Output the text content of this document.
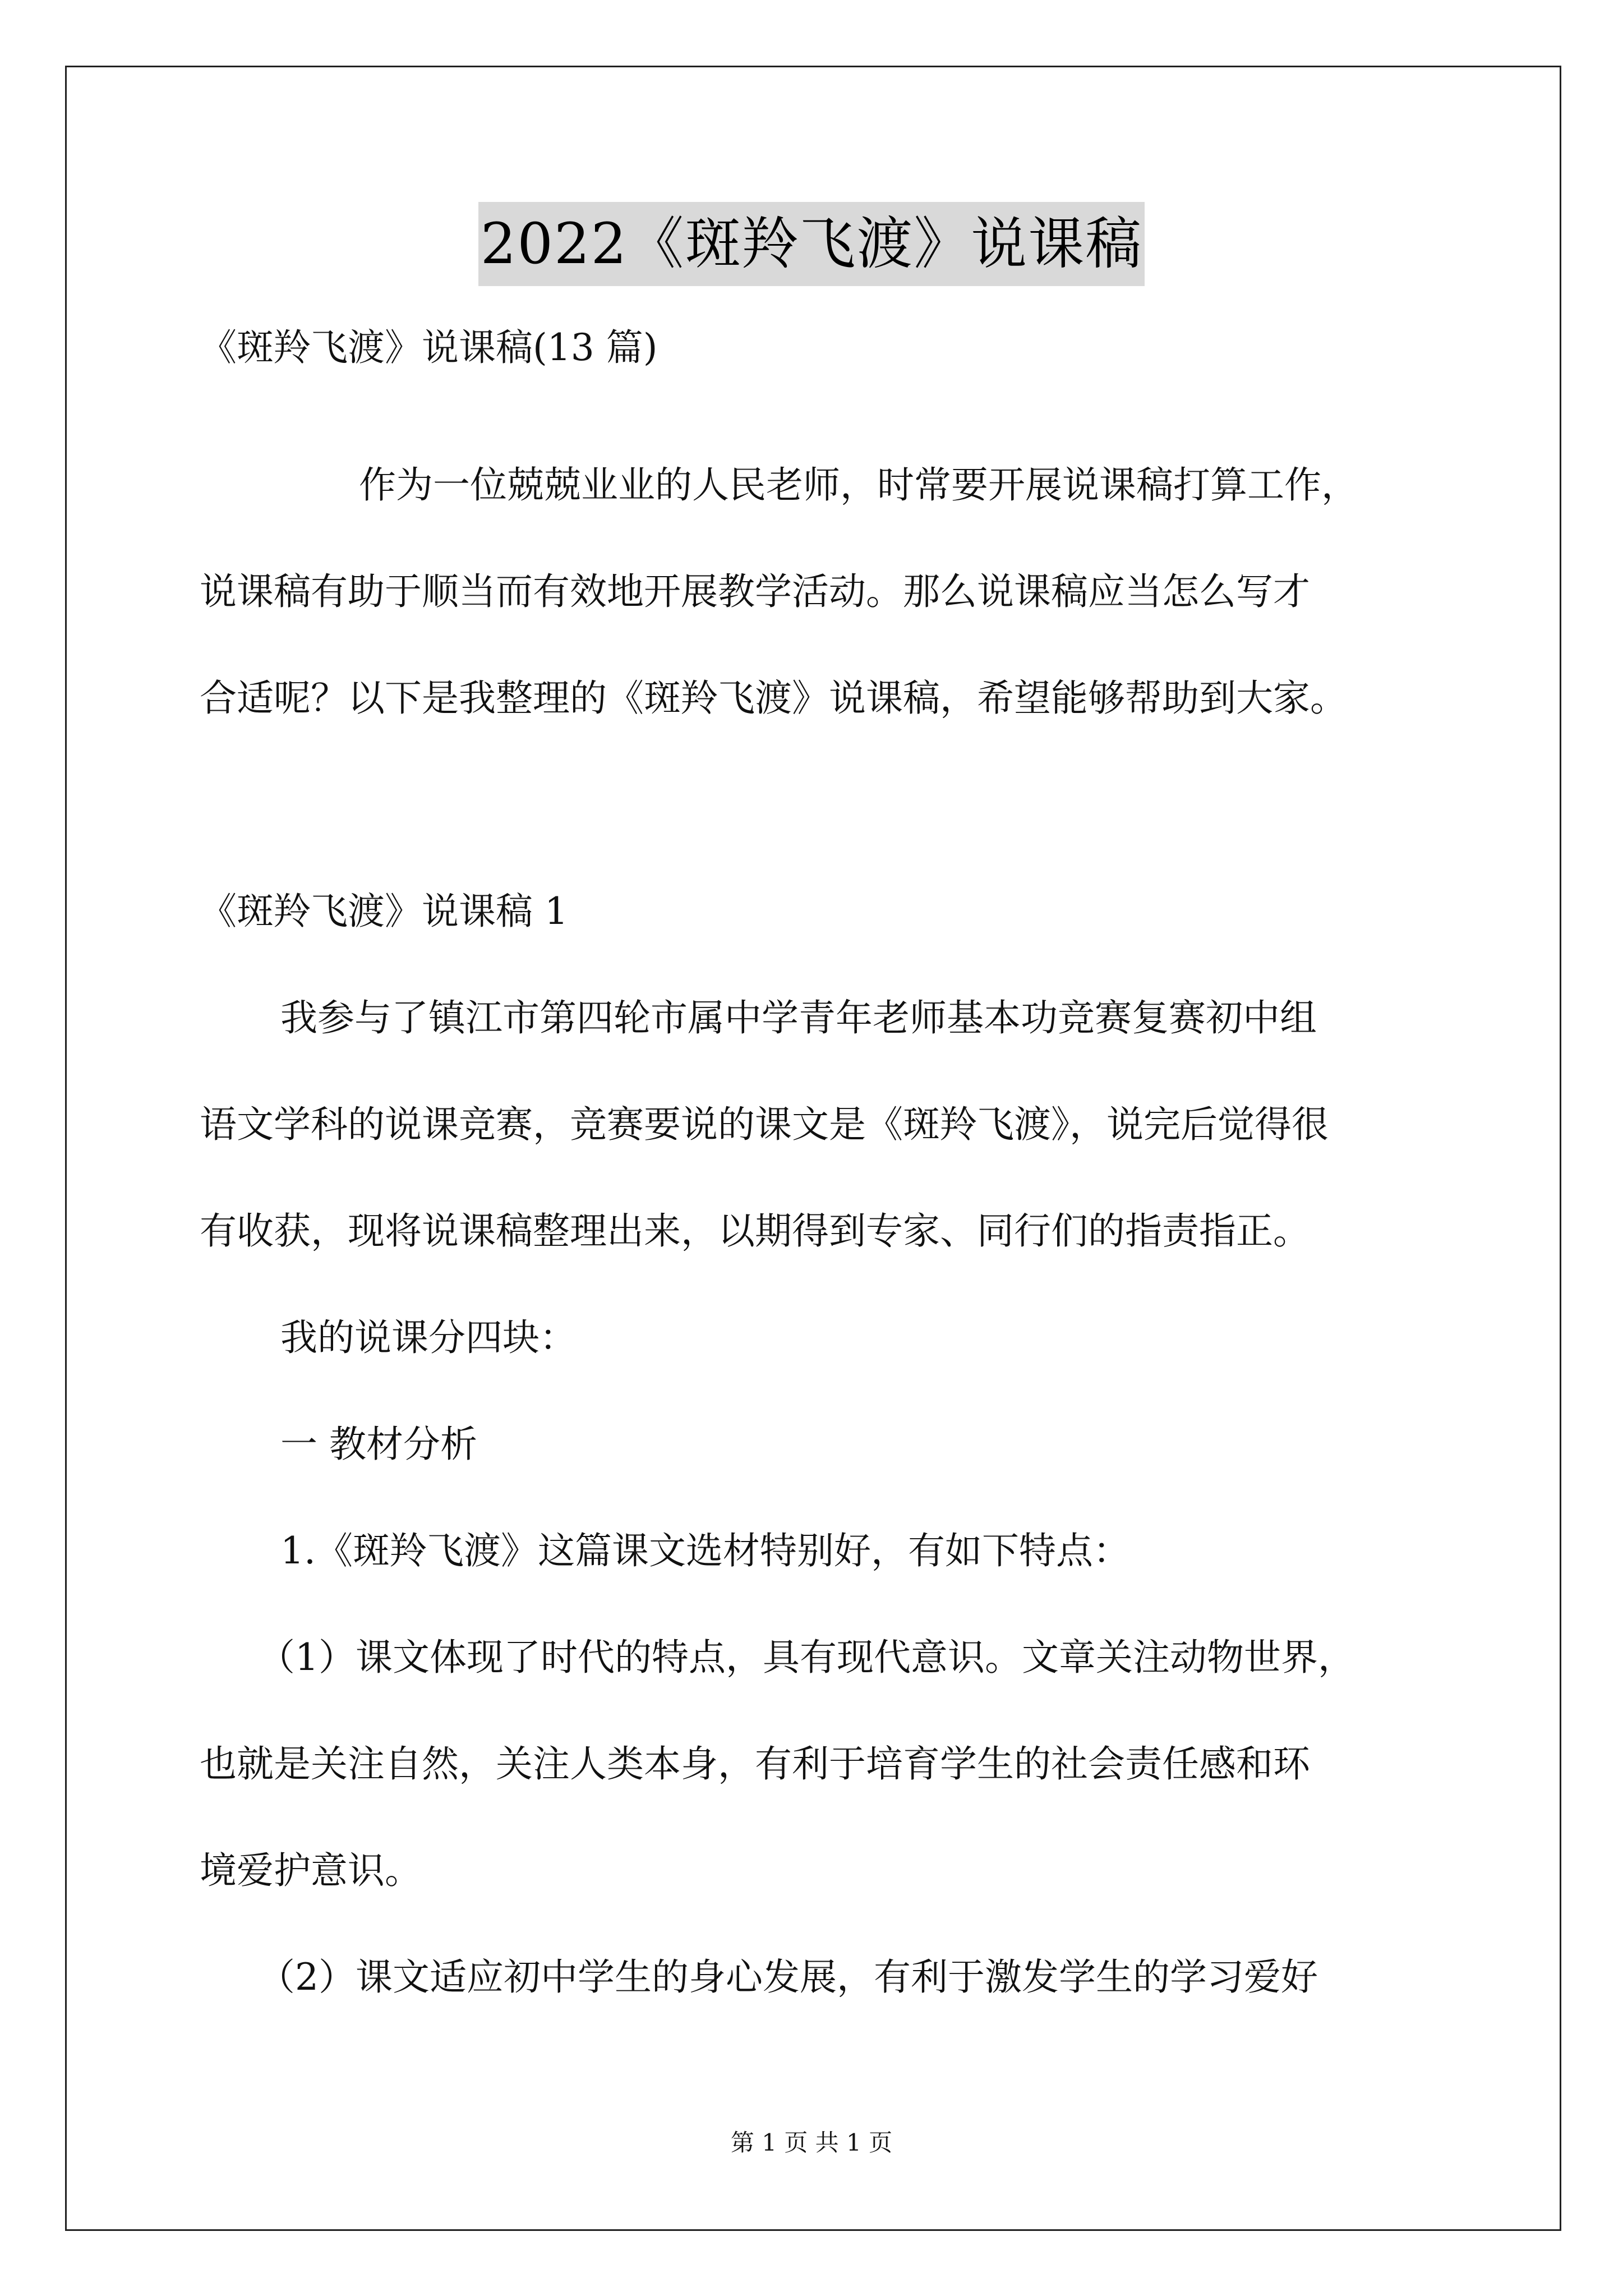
2022《斑羚飞渡》说课稿
《斑羚飞渡》说课稿(13 篇)
作为一位兢兢业业的人民老师，时常要开展说课稿打算工作，
说课稿有助于顺当而有效地开展教学活动。那么说课稿应当怎么写才
合适呢？以下是我整理的《斑羚飞渡》说课稿，希望能够帮助到大家。
《斑羚飞渡》说课稿 1
我参与了镇江市第四轮市属中学青年老师基本功竞赛复赛初中组
语文学科的说课竞赛，竞赛要说的课文是《斑羚飞渡》，说完后觉得很
有收获，现将说课稿整理出来，以期得到专家、同行们的指责指正。
我的说课分四块：
一 教材分析
1.《斑羚飞渡》这篇课文选材特别好，有如下特点：
（1）课文体现了时代的特点，具有现代意识。文章关注动物世界，
也就是关注自然，关注人类本身，有利于培育学生的社会责任感和环
境爱护意识。
（2）课文适应初中学生的身心发展，有利于激发学生的学习爱好
第 1 页 共 1 页
